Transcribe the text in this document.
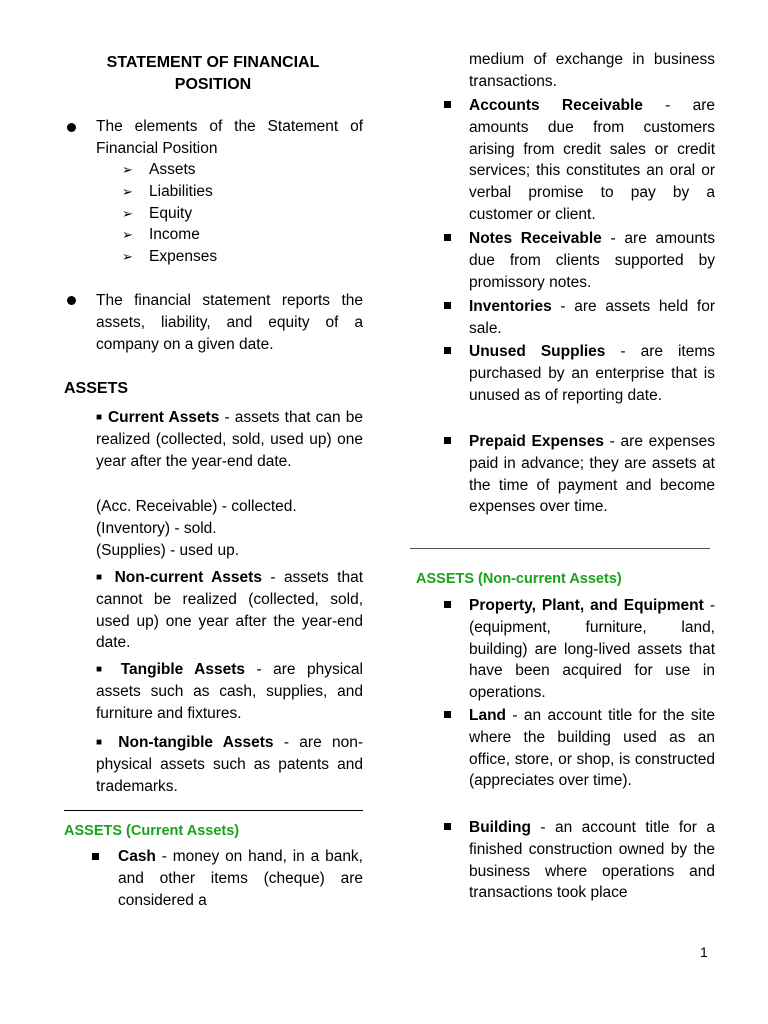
STATEMENT OF FINANCIAL
POSITION
The elements of the Statement of Financial Position
➢ Assets
➢ Liabilities
➢ Equity
➢ Income
➢ Expenses
The financial statement reports the assets, liability, and equity of a company on a given date.
ASSETS
■ Current Assets - assets that can be realized (collected, sold, used up) one year after the year-end date.
(Acc. Receivable) - collected.
(Inventory) - sold.
(Supplies) - used up.
■ Non-current Assets - assets that cannot be realized (collected, sold, used up) one year after the year-end date.
■ Tangible Assets - are physical assets such as cash, supplies, and furniture and fixtures.
■ Non-tangible Assets - are non-physical assets such as patents and trademarks.
ASSETS (Current Assets)
Cash - money on hand, in a bank, and other items (cheque) are considered a
medium of exchange in business transactions.
Accounts Receivable - are amounts due from customers arising from credit sales or credit services; this constitutes an oral or verbal promise to pay by a customer or client.
Notes Receivable - are amounts due from clients supported by promissory notes.
Inventories - are assets held for sale.
Unused Supplies - are items purchased by an enterprise that is unused as of reporting date.
Prepaid Expenses - are expenses paid in advance; they are assets at the time of payment and become expenses over time.
ASSETS (Non-current Assets)
Property, Plant, and Equipment - (equipment, furniture, land, building) are long-lived assets that have been acquired for use in operations.
Land - an account title for the site where the building used as an office, store, or shop, is constructed (appreciates over time).
Building - an account title for a finished construction owned by the business where operations and transactions took place
1
